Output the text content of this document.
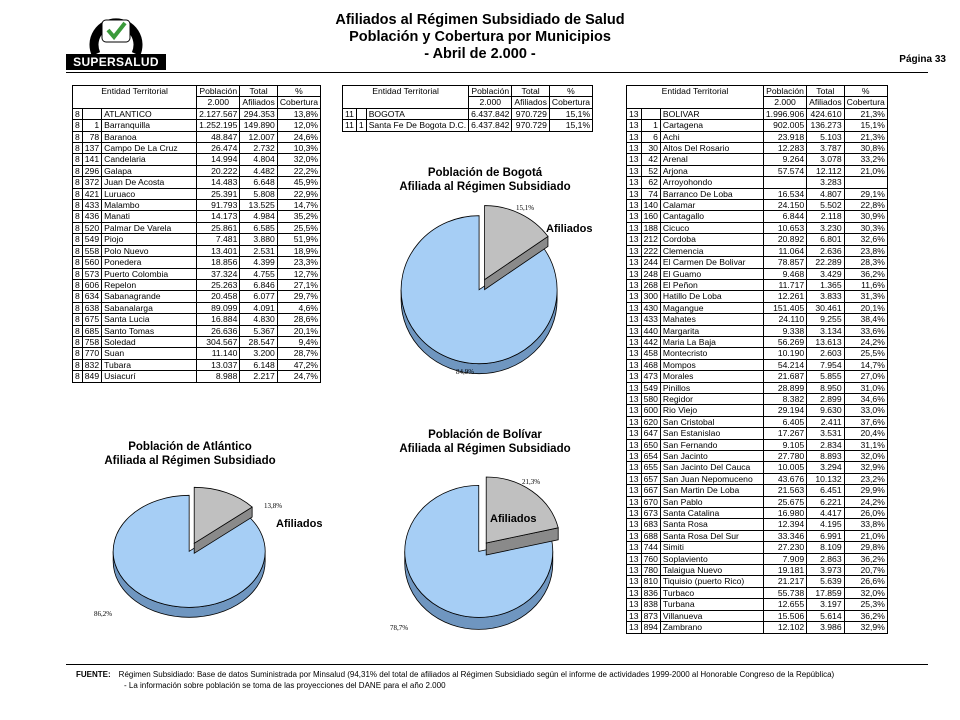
SUPERSALUD
Afiliados al Régimen Subsidiado de Salud
Población y Cobertura por Municipios
- Abril de 2.000 -	Página 33
Entidad Territorial			Población	Total	%
			2.000	Afiliados	Cobertura
8		ATLANTICO	2.127.567	294.353	13,8%
8	1	Barranquilla	1.252.195	149.890	12,0%
8	78	Baranoa	48.847	12.007	24,6%
8	137	Campo De La Cruz	26.474	2.732	10,3%
8	141	Candelaria	14.994	4.804	32,0%
8	296	Galapa	20.222	4.482	22,2%
8	372	Juan De Acosta	14.483	6.648	45,9%
8	421	Luruaco	25.391	5.808	22,9%
8	433	Malambo	91.793	13.525	14,7%
8	436	Manati	14.173	4.984	35,2%
8	520	Palmar De Varela	25.861	6.585	25,5%
8	549	Piojo	7.481	3.880	51,9%
8	558	Polo Nuevo	13.401	2.531	18,9%
8	560	Ponedera	18.856	4.399	23,3%
8	573	Puerto Colombia	37.324	4.755	12,7%
8	606	Repelon	25.263	6.846	27,1%
8	634	Sabanagrande	20.458	6.077	29,7%
8	638	Sabanalarga	89.099	4.091	4,6%
8	675	Santa Lucia	16.884	4.830	28,6%
8	685	Santo Tomas	26.636	5.367	20,1%
8	758	Soledad	304.567	28.547	9,4%
8	770	Suan	11.140	3.200	28,7%
8	832	Tubara	13.037	6.148	47,2%
8	849	Usiacurí	8.988	2.217	24,7%
Entidad Territorial			Población	Total	%
			2.000	Afiliados	Cobertura
11		BOGOTA	6.437.842	970.729	15,1%
11	1	Santa Fe De Bogota D.C.	6.437.842	970.729	15,1%
Entidad Territorial			Población	Total	%
			2.000	Afiliados	Cobertura
13		BOLIVAR	1.996.906	424.610	21,3%
13	1	Cartagena	902.005	136.273	15,1%
13	6	Achi	23.918	5.103	21,3%
13	30	Altos Del Rosario	12.283	3.787	30,8%
13	42	Arenal	9.264	3.078	33,2%
13	52	Arjona	57.574	12.112	21,0%
13	62	Arroyohondo		3.283	
13	74	Barranco De Loba	16.534	4.807	29,1%
13	140	Calamar	24.150	5.502	22,8%
13	160	Cantagallo	6.844	2.118	30,9%
13	188	Cicuco	10.653	3.230	30,3%
13	212	Cordoba	20.892	6.801	32,6%
13	222	Clemencia	11.064	2.636	23,8%
13	244	El Carmen De Bolivar	78.857	22.289	28,3%
13	248	El Guamo	9.468	3.429	36,2%
13	268	El Peñon	11.717	1.365	11,6%
13	300	Hatillo De Loba	12.261	3.833	31,3%
13	430	Magangue	151.405	30.461	20,1%
13	433	Mahates	24.110	9.255	38,4%
13	440	Margarita	9.338	3.134	33,6%
13	442	Maria La Baja	56.269	13.613	24,2%
13	458	Montecristo	10.190	2.603	25,5%
13	468	Mompos	54.214	7.954	14,7%
13	473	Morales	21.687	5.855	27,0%
13	549	Pinillos	28.899	8.950	31,0%
13	580	Regidor	8.382	2.899	34,6%
13	600	Rio Viejo	29.194	9.630	33,0%
13	620	San Cristobal	6.405	2.411	37,6%
13	647	San Estanislao	17.267	3.531	20,4%
13	650	San Fernando	9.105	2.834	31,1%
13	654	San Jacinto	27.780	8.893	32,0%
13	655	San Jacinto Del Cauca	10.005	3.294	32,9%
13	657	San Juan Nepomuceno	43.676	10.132	23,2%
13	667	San Martin De Loba	21.563	6.451	29,9%
13	670	San Pablo	25.675	6.221	24,2%
13	673	Santa Catalina	16.980	4.417	26,0%
13	683	Santa Rosa	12.394	4.195	33,8%
13	688	Santa Rosa Del Sur	33.346	6.991	21,0%
13	744	Simiti	27.230	8.109	29,8%
13	760	Soplaviento	7.909	2.863	36,2%
13	780	Talaigua Nuevo	19.181	3.973	20,7%
13	810	Tiquisio (puerto Rico)	21.217	5.639	26,6%
13	836	Turbaco	55.738	17.859	32,0%
13	838	Turbana	12.655	3.197	25,3%
13	873	Villanueva	15.506	5.614	36,2%
13	894	Zambrano	12.102	3.986	32,9%
Población de Bogotá
Afiliada al Régimen Subsidiado
15,1%
84,9%
Afiliados
Población de Atlántico
Afiliada al Régimen Subsidiado
13,8%
86,2%
Afiliados
Población de Bolívar
Afiliada al Régimen Subsidiado
21,3%
78,7%
Afiliados
FUENTE: Régimen Subsidiado: Base de datos Suministrada por Minsalud (94,31% del total de afiliados al Régimen Subsidiado según el informe de actividades 1999-2000 al Honorable Congreso de la República)
- La información sobre población se toma de las proyecciones del DANE para el año 2.000
